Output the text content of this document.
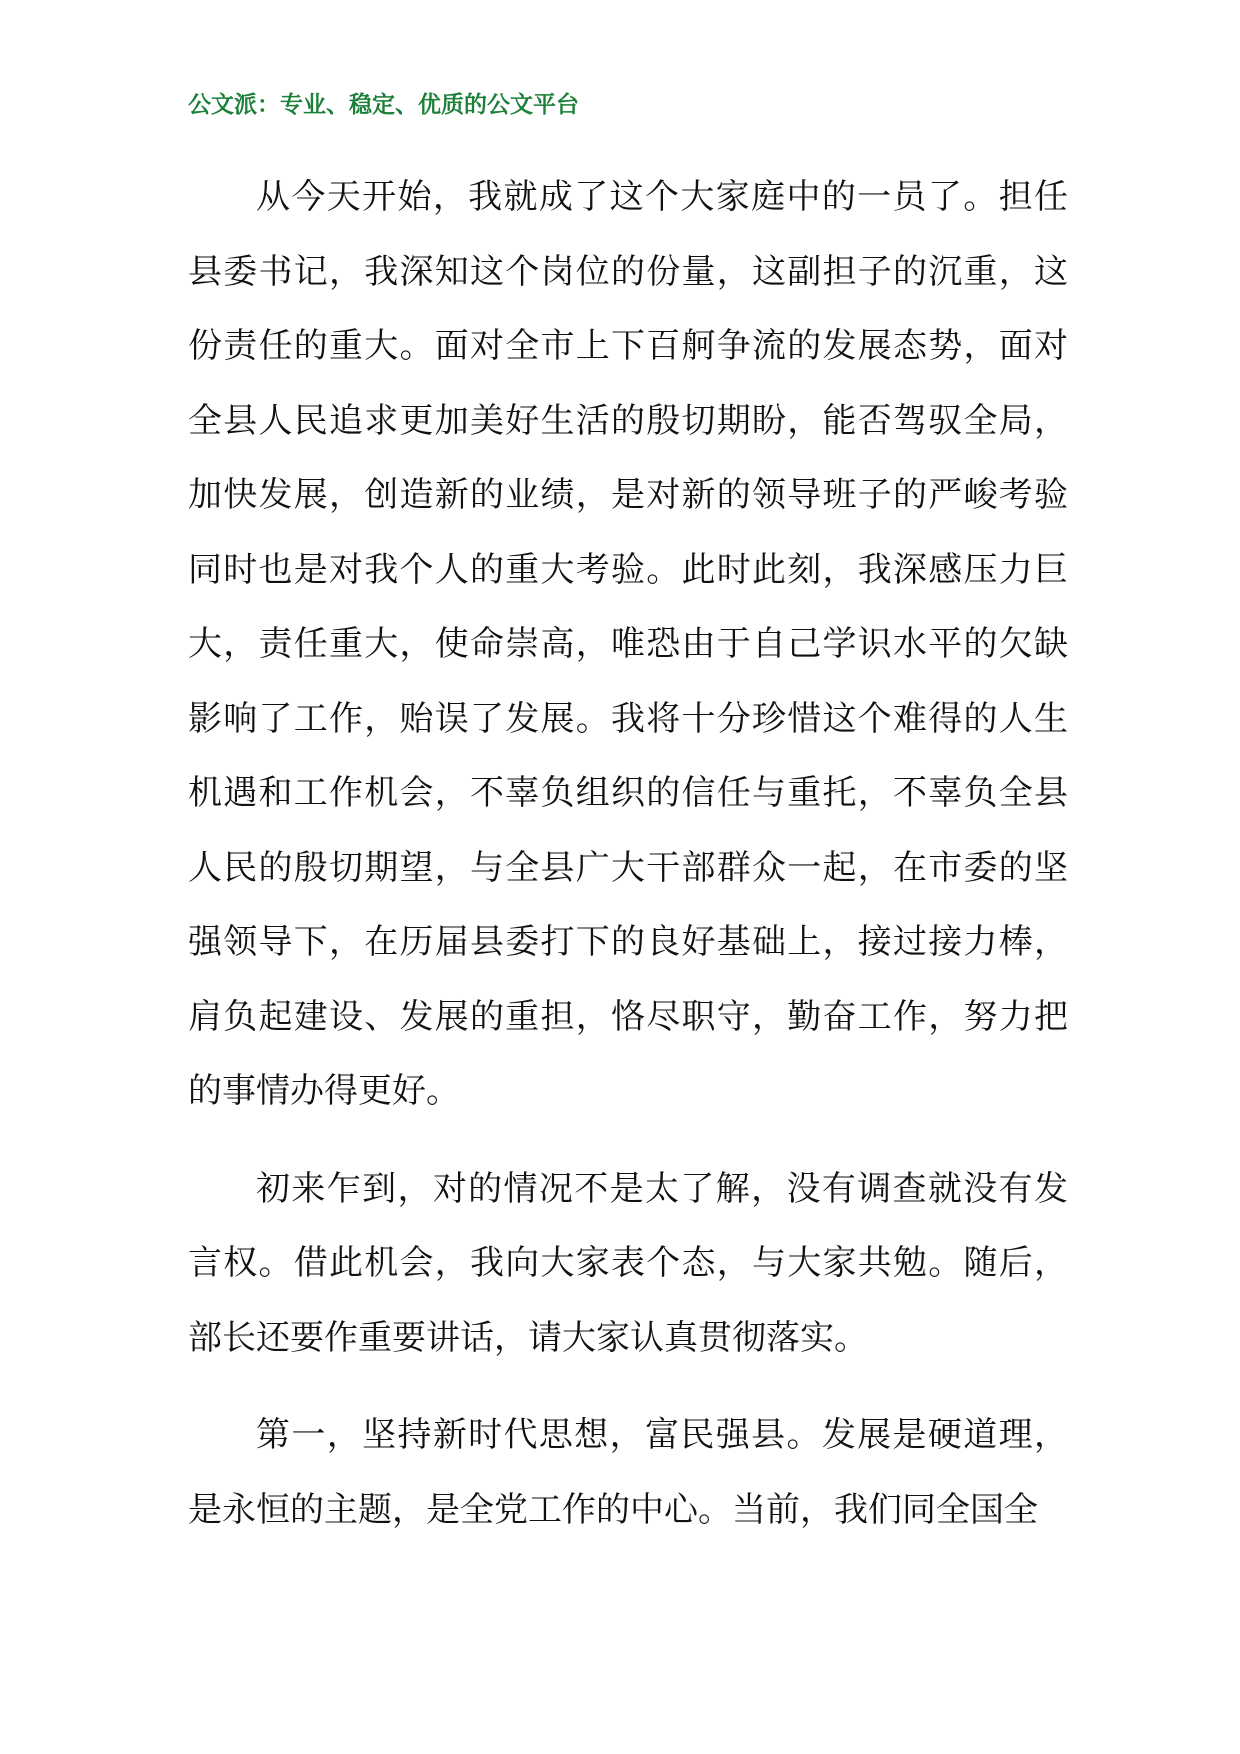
公文派：专业、稳定、优质的公文平台

从今天开始，我就成了这个大家庭中的一员了。担任县委书记，我深知这个岗位的份量，这副担子的沉重，这份责任的重大。面对全市上下百舸争流的发展态势，面对全县人民追求更加美好生活的殷切期盼，能否驾驭全局，加快发展，创造新的业绩，是对新的领导班子的严峻考验同时也是对我个人的重大考验。此时此刻，我深感压力巨大，责任重大，使命崇高，唯恐由于自己学识水平的欠缺影响了工作，贻误了发展。我将十分珍惜这个难得的人生机遇和工作机会，不辜负组织的信任与重托，不辜负全县人民的殷切期望，与全县广大干部群众一起，在市委的坚强领导下，在历届县委打下的良好基础上，接过接力棒，肩负起建设、发展的重担，恪尽职守，勤奋工作，努力把的事情办得更好。

初来乍到，对的情况不是太了解，没有调查就没有发言权。借此机会，我向大家表个态，与大家共勉。随后，部长还要作重要讲话，请大家认真贯彻落实。

第一，坚持新时代思想，富民强县。发展是硬道理，是永恒的主题，是全党工作的中心。当前，我们同全国全
